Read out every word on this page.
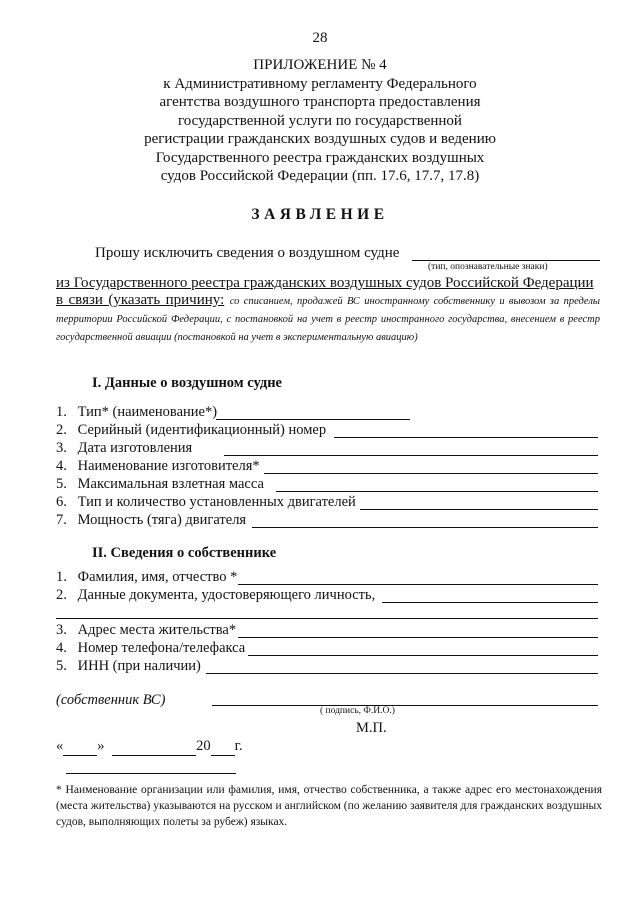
28
ПРИЛОЖЕНИЕ № 4
к Административному регламенту Федерального
агентства воздушного транспорта предоставления
государственной услуги по государственной
регистрации гражданских воздушных судов и ведению
Государственного реестра гражданских воздушных
судов Российской Федерации (пп. 17.6, 17.7, 17.8)
ЗАЯВЛЕНИЕ
Прошу исключить сведения о воздушном судне
(тип, опознавательные знаки)
из Государственного реестра гражданских воздушных судов Российской Федерации

в связи (указать причину: со списанием, продажей ВС иностранному собственнику и вывозом за пределы территории Российской Федерации, с постановкой на учет в реестр иностранного государства, внесением в реестр государственной авиации (постановкой на учет в экспериментальную авиацию)

I. Данные о воздушном судне
1. Тип* (наименование*)
2. Серийный (идентификационный) номер
3. Дата изготовления
4. Наименование изготовителя*
5. Максимальная взлетная масса
6. Тип и количество установленных двигателей
7. Мощность (тяга) двигателя
II. Сведения о собственнике
1. Фамилия, имя, отчество *
2. Данные документа, удостоверяющего личность,
3. Адрес места жительства*
4. Номер телефона/телефакса
5. ИНН (при наличии)
(собственник ВС)
( подпись, Ф.И.О.)
М.П.
« »	20 г.
* Наименование организации или фамилия, имя, отчество собственника, а также адрес его местонахождения (места жительства) указываются на русском и английском (по желанию заявителя для гражданских воздушных судов, выполняющих полеты за рубеж) языках.
